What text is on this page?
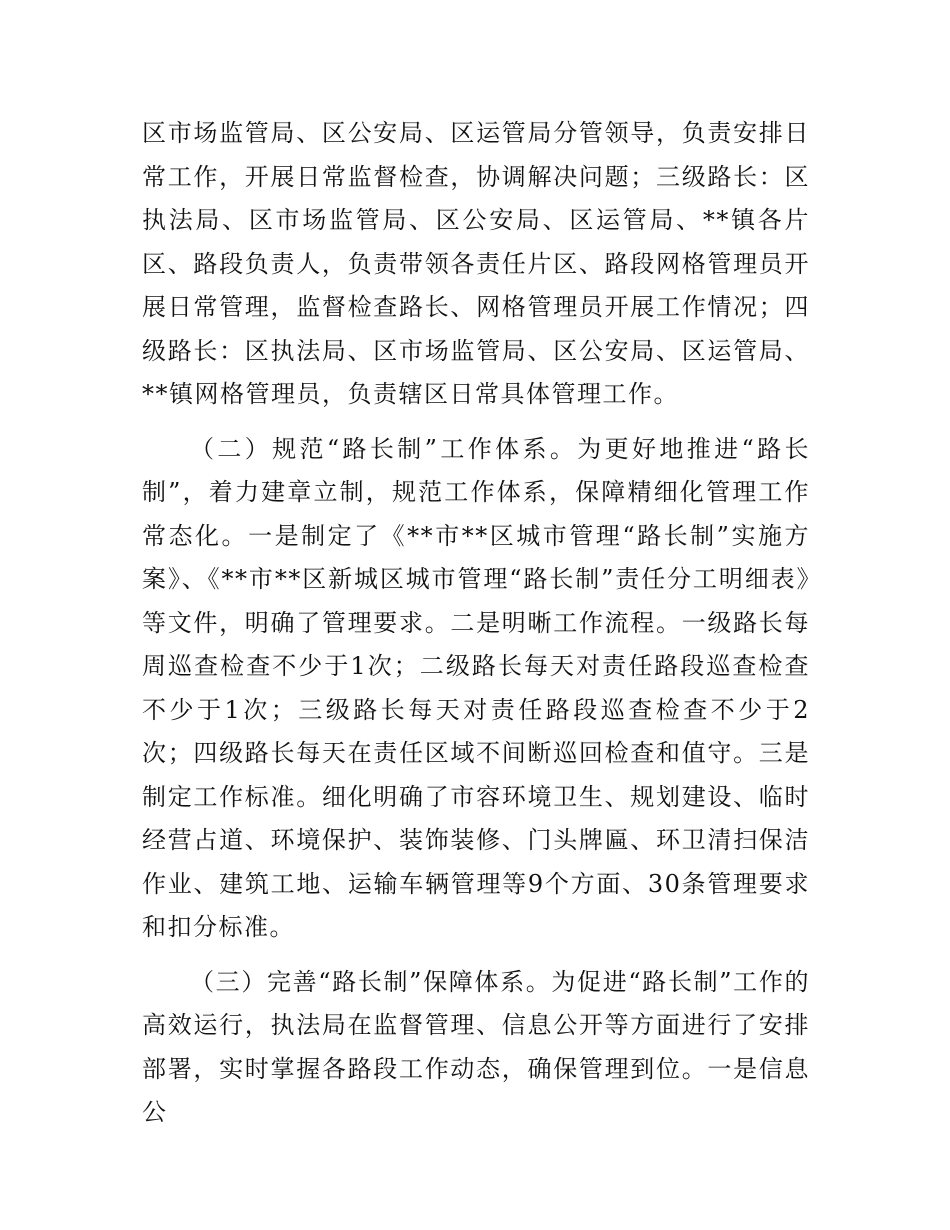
区市场监管局、区公安局、区运管局分管领导，负责安排日常工作，开展日常监督检查，协调解决问题；三级路长：区执法局、区市场监管局、区公安局、区运管局、**镇各片区、路段负责人，负责带领各责任片区、路段网格管理员开展日常管理，监督检查路长、网格管理员开展工作情况；四级路长：区执法局、区市场监管局、区公安局、区运管局、**镇网格管理员，负责辖区日常具体管理工作。

（二）规范“路长制”工作体系。为更好地推进“路长制”，着力建章立制，规范工作体系，保障精细化管理工作常态化。一是制定了《**市**区城市管理“路长制”实施方案》、《**市**区新城区城市管理“路长制”责任分工明细表》等文件，明确了管理要求。二是明晰工作流程。一级路长每周巡查检查不少于1次；二级路长每天对责任路段巡查检查不少于1次；三级路长每天对责任路段巡查检查不少于2次；四级路长每天在责任区域不间断巡回检查和值守。三是制定工作标准。细化明确了市容环境卫生、规划建设、临时经营占道、环境保护、装饰装修、门头牌匾、环卫清扫保洁作业、建筑工地、运输车辆管理等9个方面、30条管理要求和扣分标准。

（三）完善“路长制”保障体系。为促进“路长制”工作的高效运行，执法局在监督管理、信息公开等方面进行了安排部署，实时掌握各路段工作动态，确保管理到位。一是信息公
